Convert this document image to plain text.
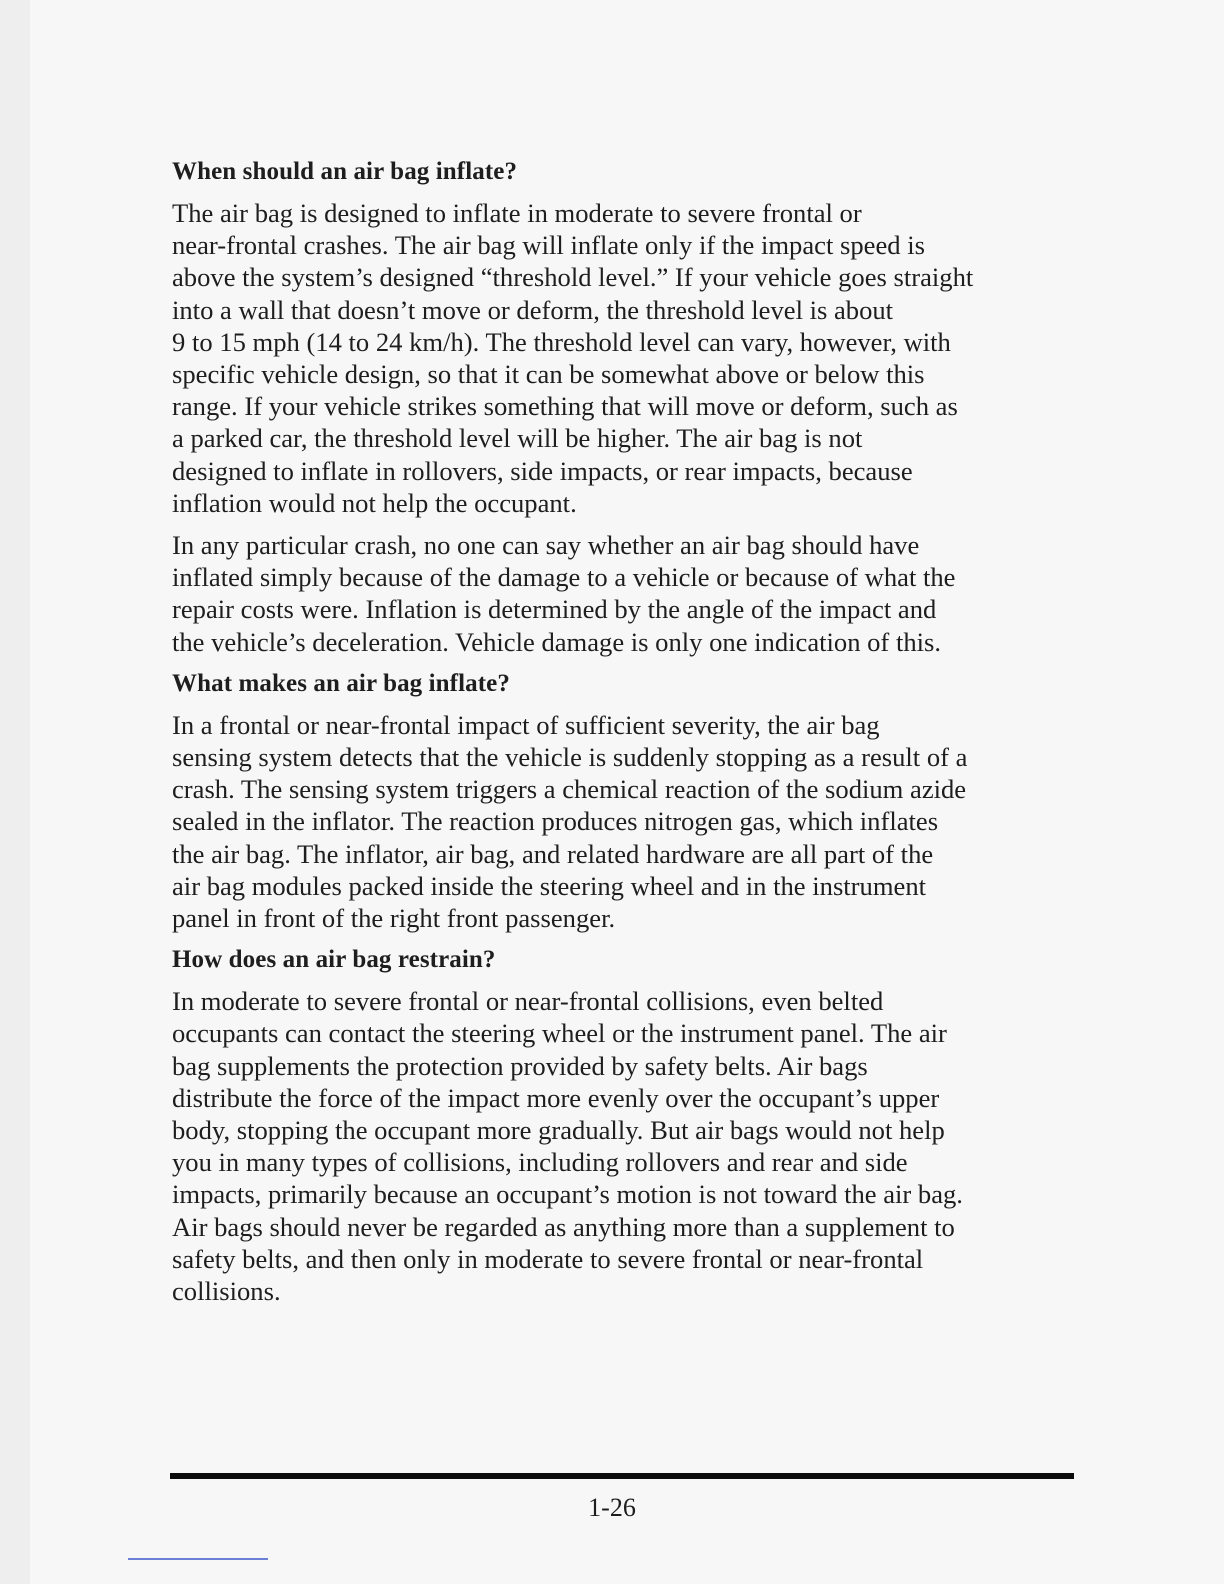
When should an air bag inflate?

The air bag is designed to inflate in moderate to severe frontal or
near-frontal crashes. The air bag will inflate only if the impact speed is
above the system’s designed “threshold level.” If your vehicle goes straight
into a wall that doesn’t move or deform, the threshold level is about
9 to 15 mph (14 to 24 km/h). The threshold level can vary, however, with
specific vehicle design, so that it can be somewhat above or below this
range. If your vehicle strikes something that will move or deform, such as
a parked car, the threshold level will be higher. The air bag is not
designed to inflate in rollovers, side impacts, or rear impacts, because
inflation would not help the occupant.

In any particular crash, no one can say whether an air bag should have
inflated simply because of the damage to a vehicle or because of what the
repair costs were. Inflation is determined by the angle of the impact and
the vehicle’s deceleration. Vehicle damage is only one indication of this.

What makes an air bag inflate?

In a frontal or near-frontal impact of sufficient severity, the air bag
sensing system detects that the vehicle is suddenly stopping as a result of a
crash. The sensing system triggers a chemical reaction of the sodium azide
sealed in the inflator. The reaction produces nitrogen gas, which inflates
the air bag. The inflator, air bag, and related hardware are all part of the
air bag modules packed inside the steering wheel and in the instrument
panel in front of the right front passenger.

How does an air bag restrain?

In moderate to severe frontal or near-frontal collisions, even belted
occupants can contact the steering wheel or the instrument panel. The air
bag supplements the protection provided by safety belts. Air bags
distribute the force of the impact more evenly over the occupant’s upper
body, stopping the occupant more gradually. But air bags would not help
you in many types of collisions, including rollovers and rear and side
impacts, primarily because an occupant’s motion is not toward the air bag.
Air bags should never be regarded as anything more than a supplement to
safety belts, and then only in moderate to severe frontal or near-frontal
collisions.

1-26
